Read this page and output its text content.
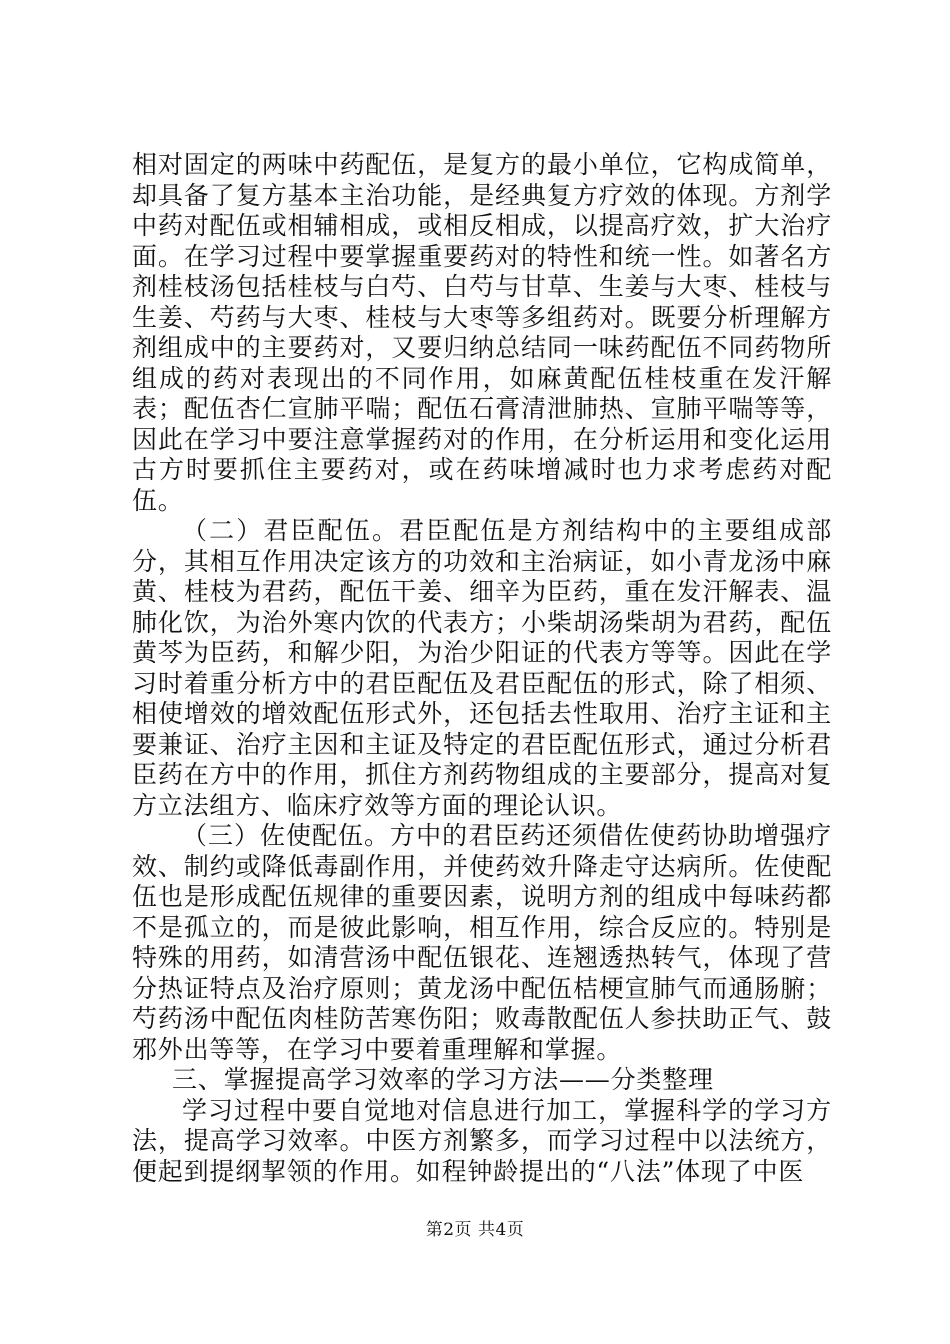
相对固定的两味中药配伍，是复方的最小单位，它构成简单，却具备了复方基本主治功能，是经典复方疗效的体现。方剂学中药对配伍或相辅相成，或相反相成，以提高疗效，扩大治疗面。在学习过程中要掌握重要药对的特性和统一性。如著名方剂桂枝汤包括桂枝与白芍、白芍与甘草、生姜与大枣、桂枝与生姜、芍药与大枣、桂枝与大枣等多组药对。既要分析理解方剂组成中的主要药对，又要归纳总结同一味药配伍不同药物所组成的药对表现出的不同作用，如麻黄配伍桂枝重在发汗解表；配伍杏仁宣肺平喘；配伍石膏清泄肺热、宣肺平喘等等，因此在学习中要注意掌握药对的作用，在分析运用和变化运用古方时要抓住主要药对，或在药味增减时也力求考虑药对配伍。

（二）君臣配伍。君臣配伍是方剂结构中的主要组成部分，其相互作用决定该方的功效和主治病证，如小青龙汤中麻黄、桂枝为君药，配伍干姜、细辛为臣药，重在发汗解表、温肺化饮，为治外寒内饮的代表方；小柴胡汤柴胡为君药，配伍黄芩为臣药，和解少阳，为治少阳证的代表方等等。因此在学习时着重分析方中的君臣配伍及君臣配伍的形式，除了相须、相使增效的增效配伍形式外，还包括去性取用、治疗主证和主要兼证、治疗主因和主证及特定的君臣配伍形式，通过分析君臣药在方中的作用，抓住方剂药物组成的主要部分，提高对复方立法组方、临床疗效等方面的理论认识。

（三）佐使配伍。方中的君臣药还须借佐使药协助增强疗效、制约或降低毒副作用，并使药效升降走守达病所。佐使配伍也是形成配伍规律的重要因素，说明方剂的组成中每味药都不是孤立的，而是彼此影响，相互作用，综合反应的。特别是特殊的用药，如清营汤中配伍银花、连翘透热转气，体现了营分热证特点及治疗原则；黄龙汤中配伍桔梗宣肺气而通肠腑；芍药汤中配伍肉桂防苦寒伤阳；败毒散配伍人参扶助正气、鼓邪外出等等，在学习中要着重理解和掌握。

三、掌握提高学习效率的学习方法——分类整理

学习过程中要自觉地对信息进行加工，掌握科学的学习方法，提高学习效率。中医方剂繁多，而学习过程中以法统方，便起到提纲挈领的作用。如程钟龄提出的“八法”体现了中医

第2页 共4页
